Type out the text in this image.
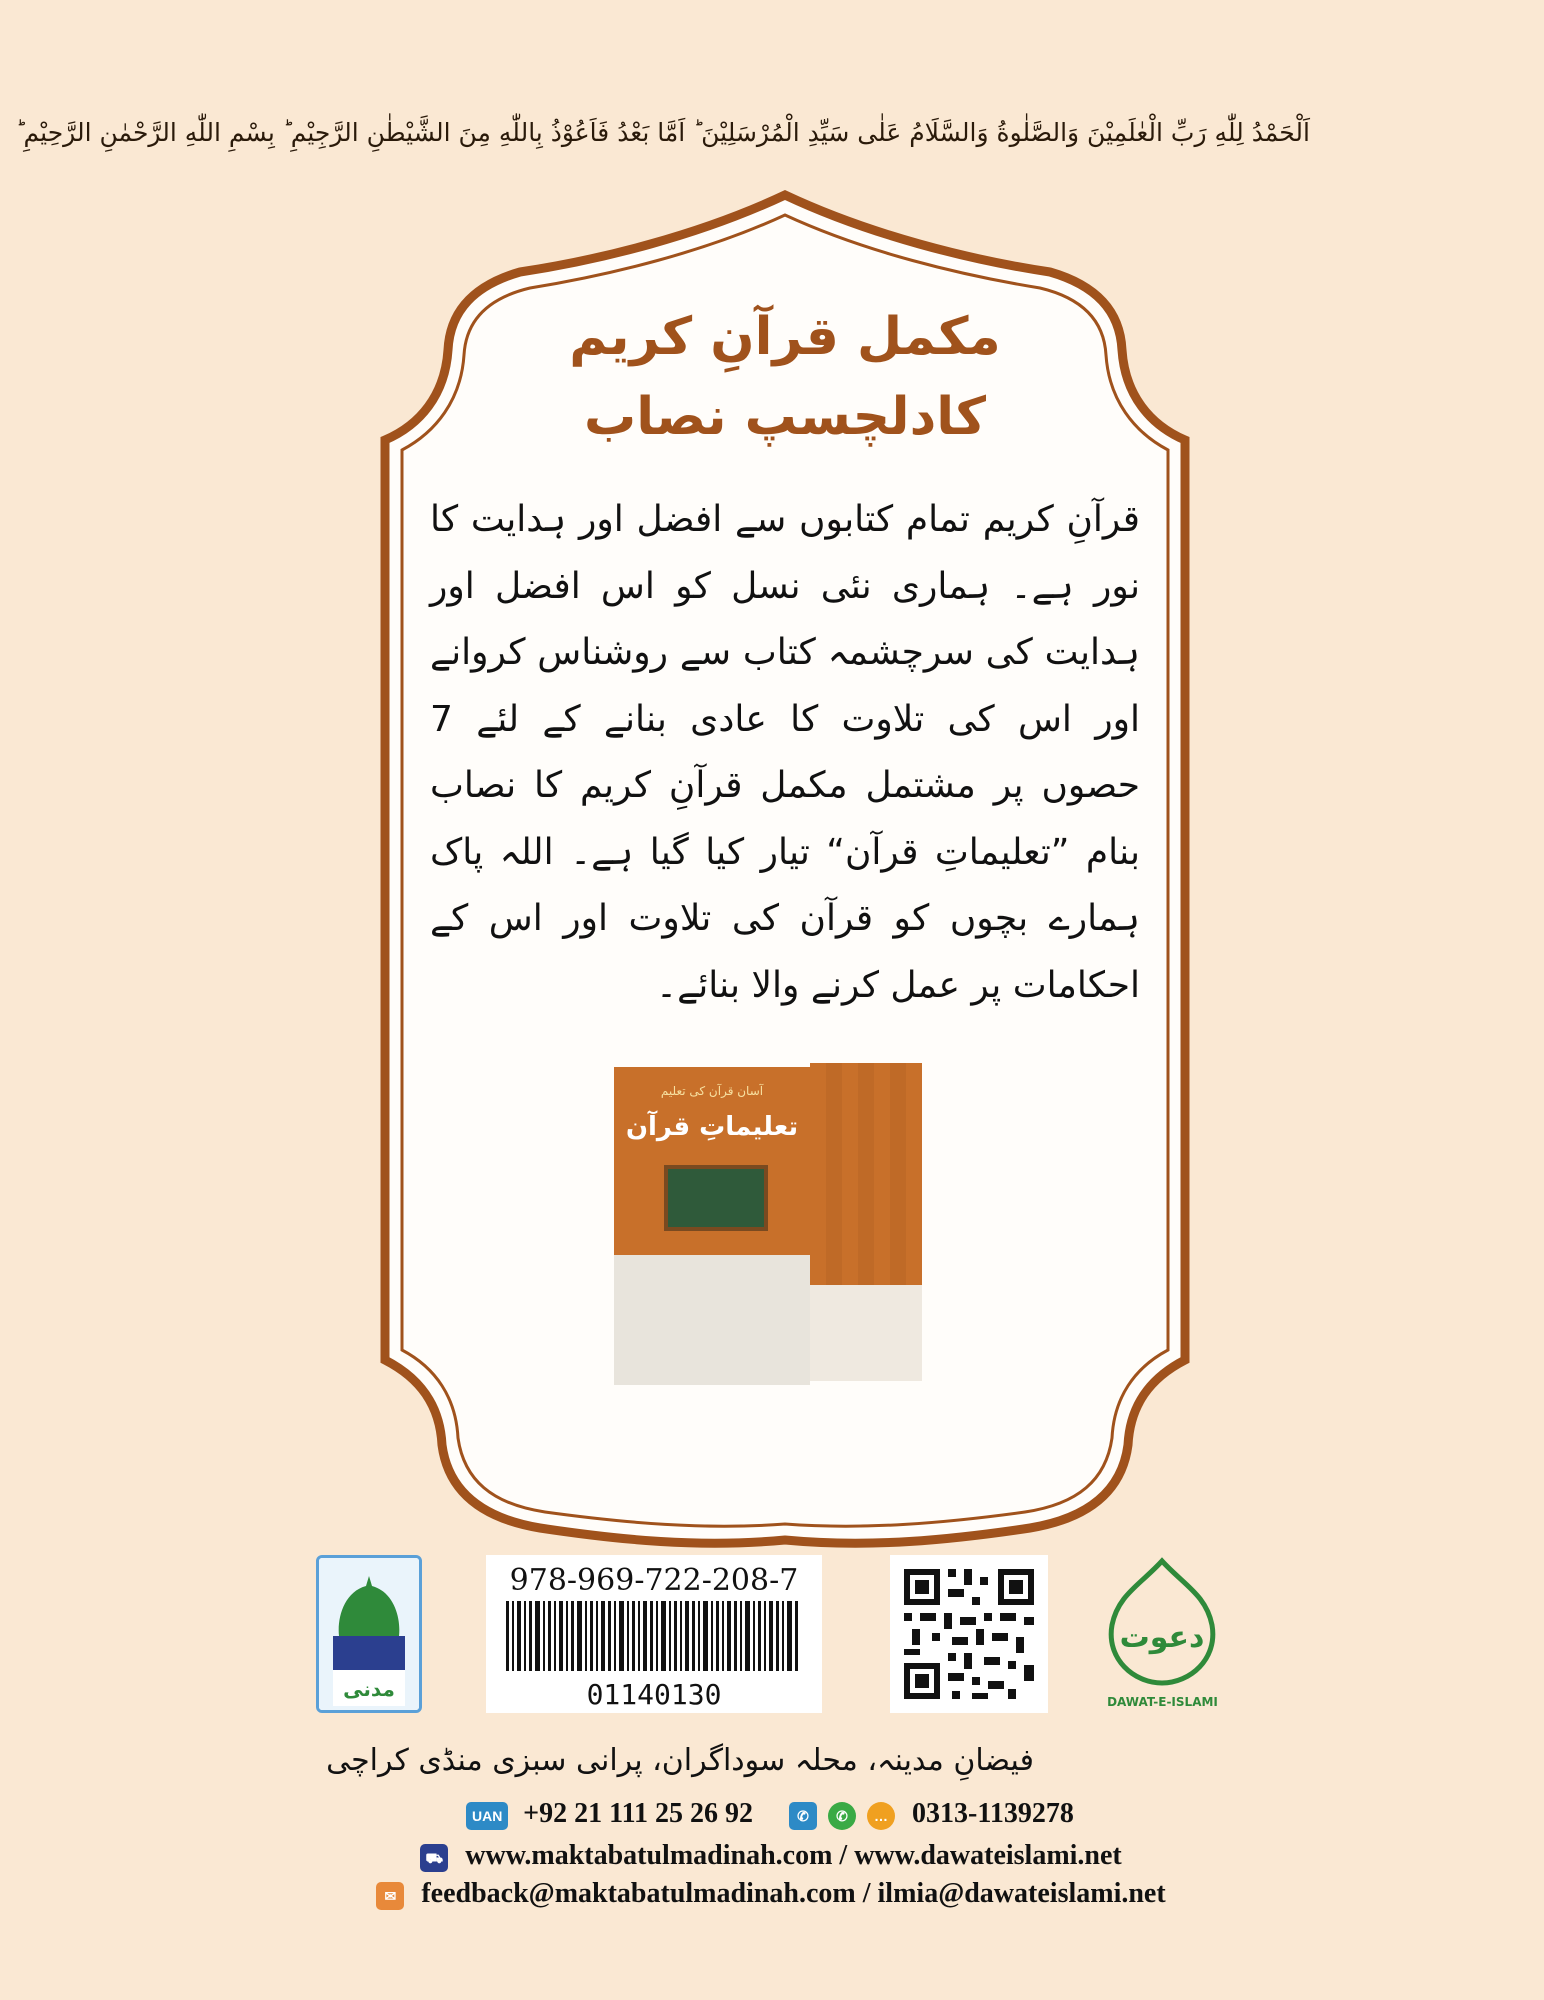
اَلْحَمْدُ لِلّٰهِ رَبِّ الْعٰلَمِيْنَ وَالصَّلٰوةُ وَالسَّلَامُ عَلٰى سَيِّدِ الْمُرْسَلِيْنَ ؕ اَمَّا بَعْدُ فَاَعُوْذُ بِاللّٰهِ مِنَ الشَّيْطٰنِ الرَّجِيْمِ ؕ بِسْمِ اللّٰهِ الرَّحْمٰنِ الرَّحِيْمِ ؕ
مکمل قرآنِ کریم
کادلچسپ نصاب
قرآنِ کریم تمام کتابوں سے افضل اور ہدایت کا نور ہے۔ ہماری نئی نسل کو اس افضل اور ہدایت کی سرچشمہ کتاب سے روشناس کروانے اور اس کی تلاوت کا عادی بنانے کے لئے 7 حصوں پر مشتمل مکمل قرآنِ کریم کا نصاب بنام ”تعلیماتِ قرآن“ تیار کیا گیا ہے۔ اللہ پاک ہمارے بچوں کو قرآن کی تلاوت اور اس کے احکامات پر عمل کرنے والا بنائے۔
آسان قرآن کی تعلیم
تعلیماتِ قرآن
مدنی
978-969-722-208-7
01140130
دعوت
DAWAT-E-ISLAMI
فیضانِ مدینہ، محلہ سوداگران، پرانی سبزی منڈی کراچی
UAN +92 21 111 25 26 92	✆ ✆ … 0313-1139278
⛟ www.maktabatulmadinah.com / www.dawateislami.net
✉ feedback@maktabatulmadinah.com / ilmia@dawateislami.net
